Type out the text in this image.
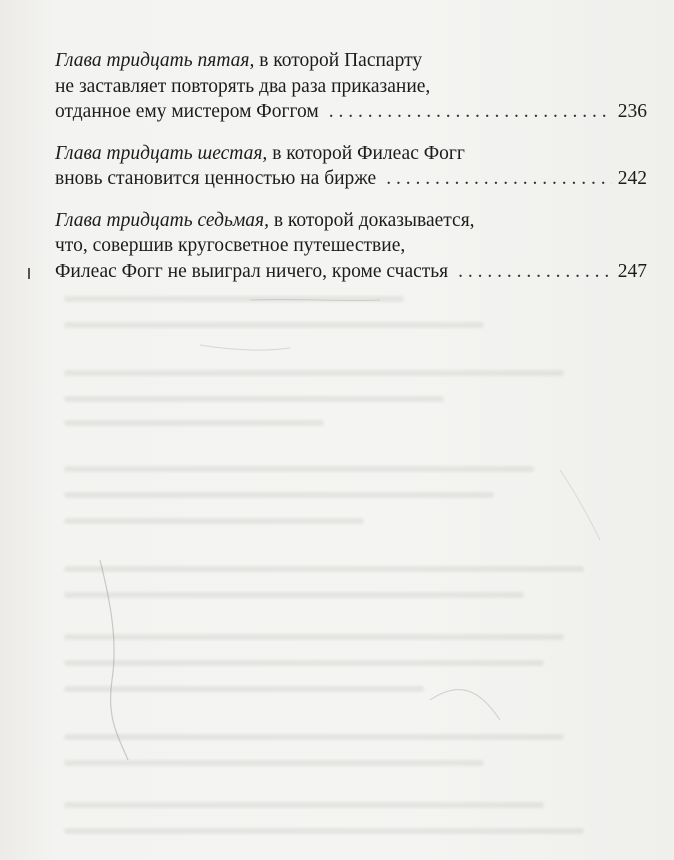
Глава тридцать пятая, в которой Паспарту
не заставляет повторять два раза приказание,
отданное ему мистером Фоггом . . .	236
Глава тридцать шестая, в которой Филеас Фогг
вновь становится ценностью на бирже . . .	242
Глава тридцать седьмая, в которой доказывается,
что, совершив кругосветное путешествие,
Филеас Фогг не выиграл ничего, кроме счастья . . .	247
